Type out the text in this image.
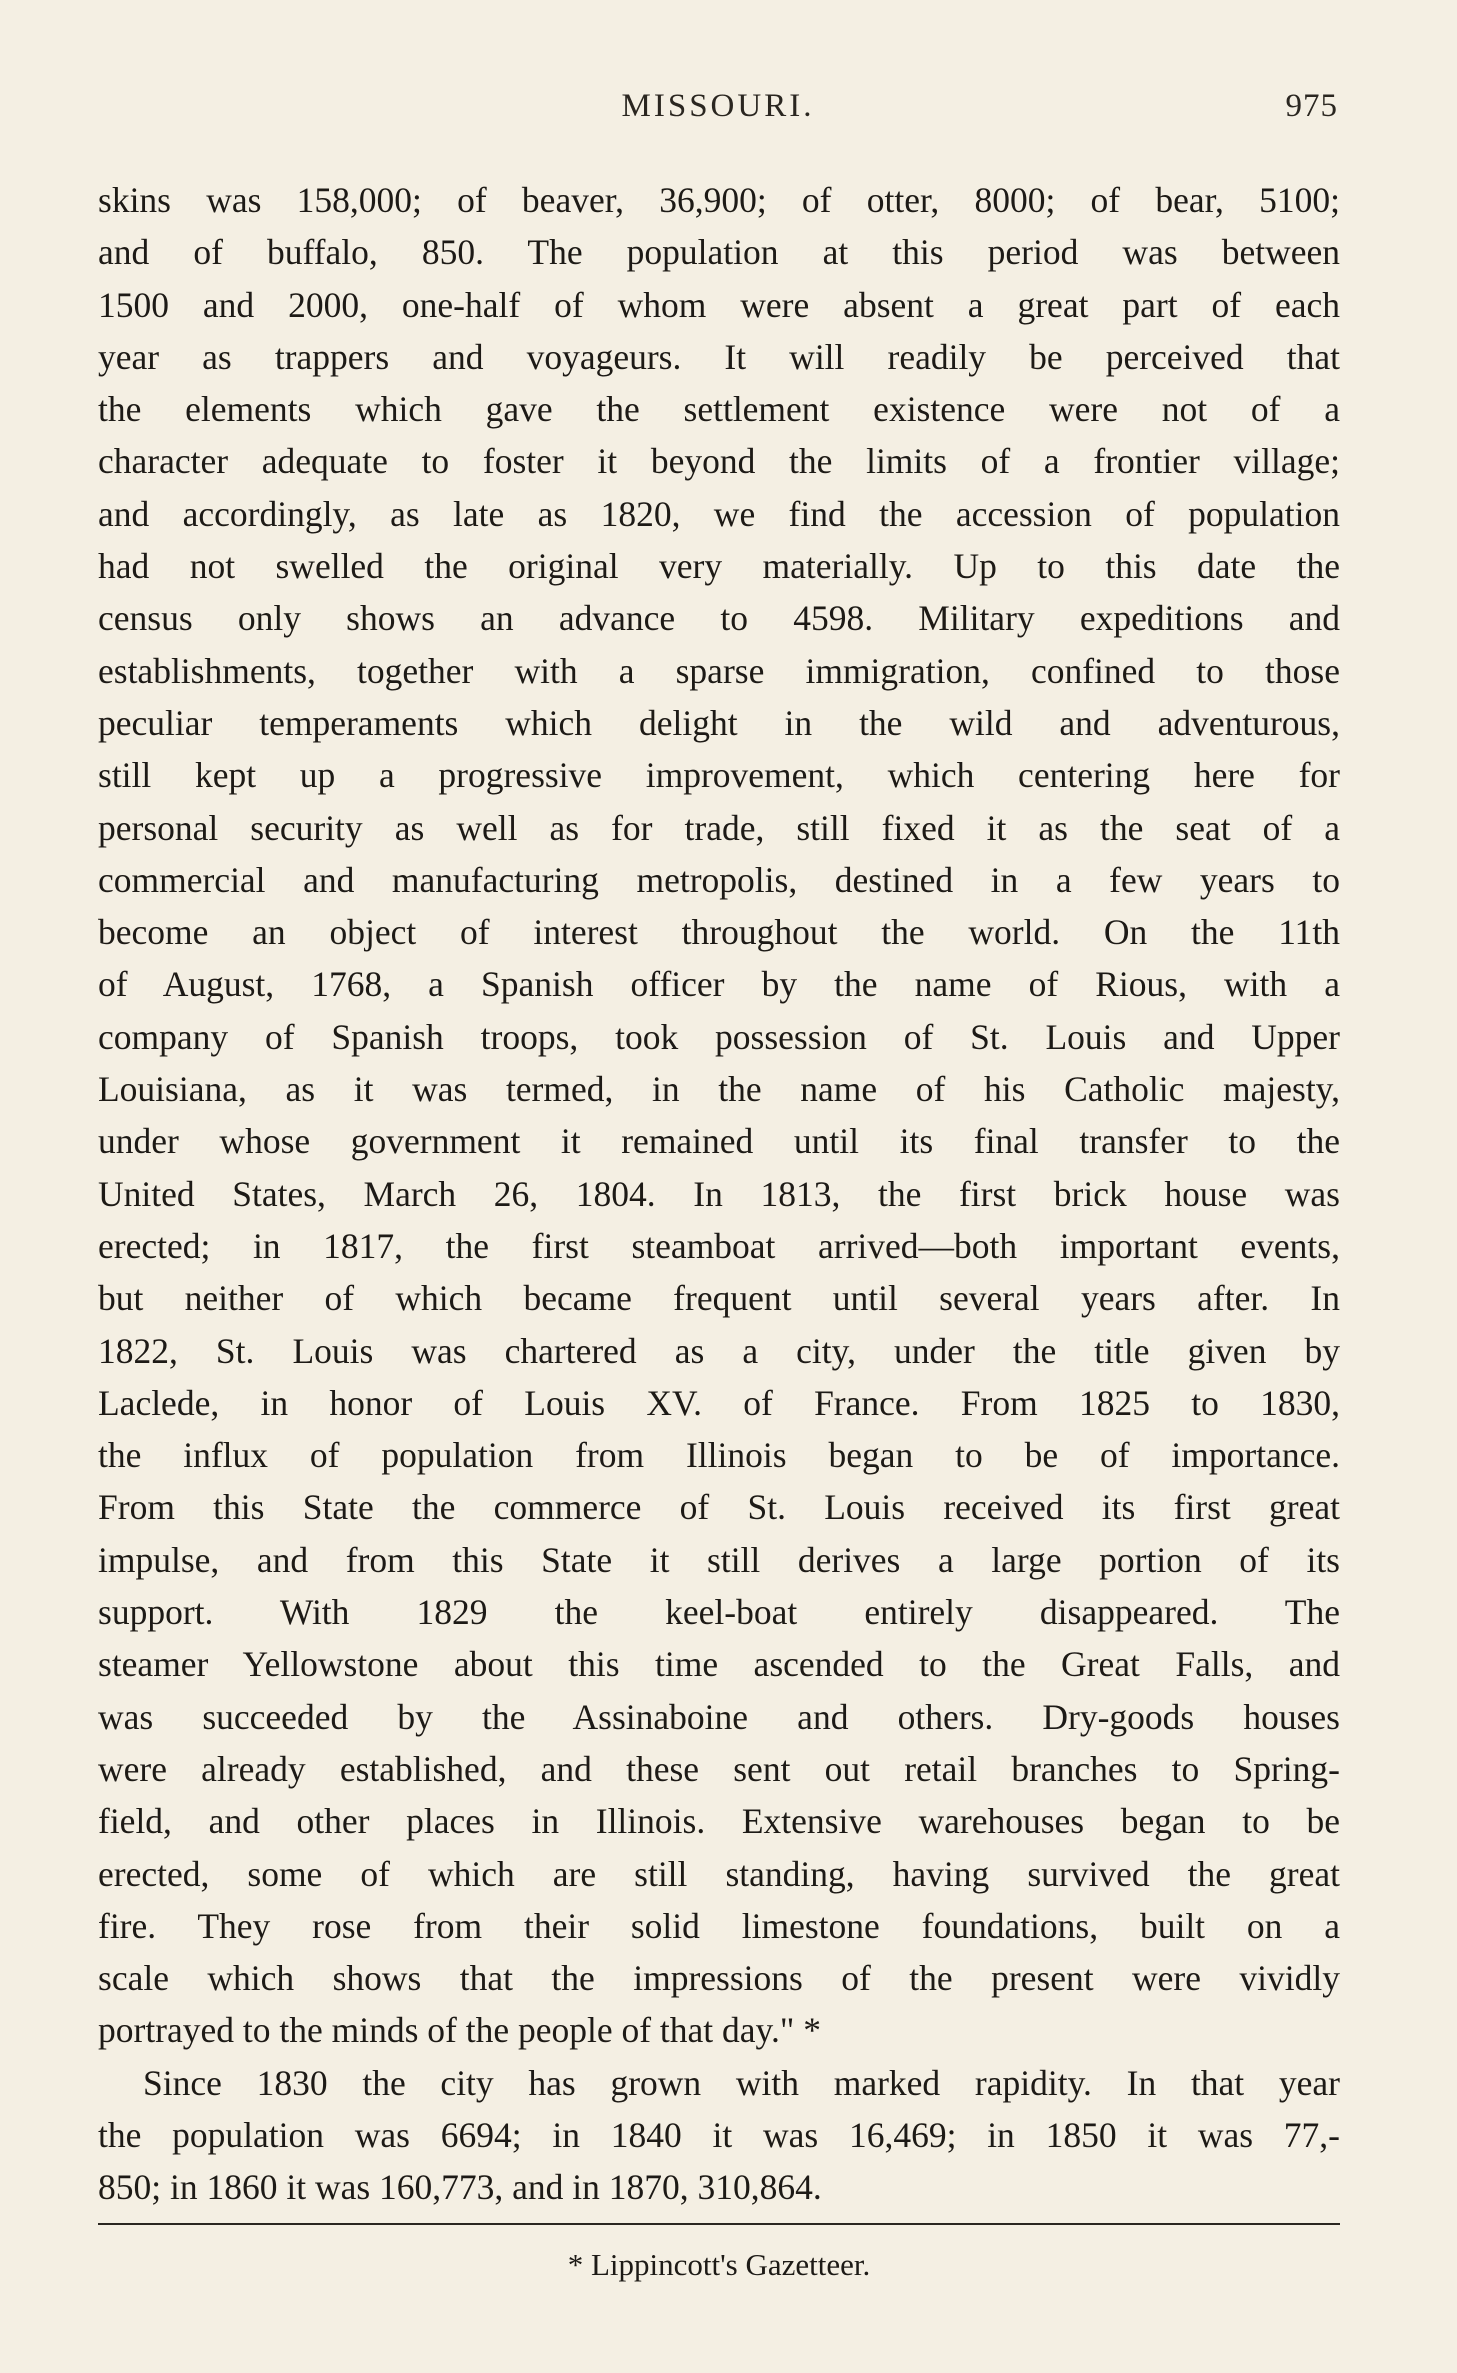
MISSOURI.	975
skins was 158,000; of beaver, 36,900; of otter, 8000; of bear, 5100;
and of buffalo, 850. The population at this period was between
1500 and 2000, one-half of whom were absent a great part of each
year as trappers and voyageurs. It will readily be perceived that
the elements which gave the settlement existence were not of a
character adequate to foster it beyond the limits of a frontier village;
and accordingly, as late as 1820, we find the accession of population
had not swelled the original very materially. Up to this date the
census only shows an advance to 4598. Military expeditions and
establishments, together with a sparse immigration, confined to those
peculiar temperaments which delight in the wild and adventurous,
still kept up a progressive improvement, which centering here for
personal security as well as for trade, still fixed it as the seat of a
commercial and manufacturing metropolis, destined in a few years to
become an object of interest throughout the world. On the 11th
of August, 1768, a Spanish officer by the name of Rious, with a
company of Spanish troops, took possession of St. Louis and Upper
Louisiana, as it was termed, in the name of his Catholic majesty,
under whose government it remained until its final transfer to the
United States, March 26, 1804. In 1813, the first brick house was
erected; in 1817, the first steamboat arrived—both important events,
but neither of which became frequent until several years after. In
1822, St. Louis was chartered as a city, under the title given by
Laclede, in honor of Louis XV. of France. From 1825 to 1830,
the influx of population from Illinois began to be of importance.
From this State the commerce of St. Louis received its first great
impulse, and from this State it still derives a large portion of its
support. With 1829 the keel-boat entirely disappeared. The
steamer Yellowstone about this time ascended to the Great Falls, and
was succeeded by the Assinaboine and others. Dry-goods houses
were already established, and these sent out retail branches to Spring-
field, and other places in Illinois. Extensive warehouses began to be
erected, some of which are still standing, having survived the great
fire. They rose from their solid limestone foundations, built on a
scale which shows that the impressions of the present were vividly
portrayed to the minds of the people of that day." *
Since 1830 the city has grown with marked rapidity. In that year
the population was 6694; in 1840 it was 16,469; in 1850 it was 77,-
850; in 1860 it was 160,773, and in 1870, 310,864.
* Lippincott's Gazetteer.
